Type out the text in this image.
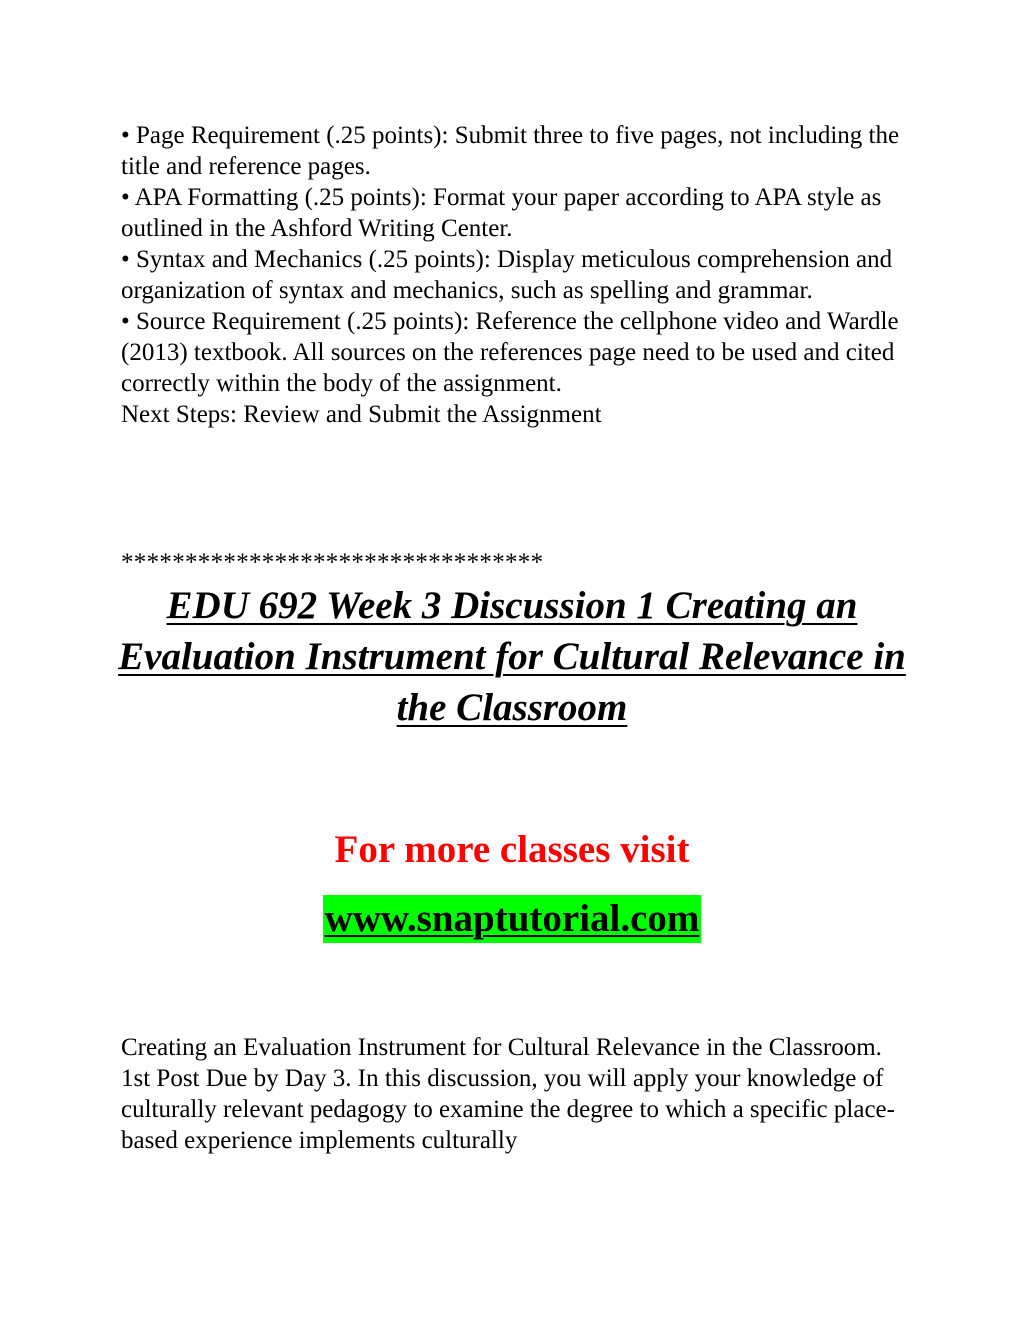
• Page Requirement (.25 points): Submit three to five pages, not including the title and reference pages.

• APA Formatting (.25 points): Format your paper according to APA style as outlined in the Ashford Writing Center.

• Syntax and Mechanics (.25 points): Display meticulous comprehension and organization of syntax and mechanics, such as spelling and grammar.

• Source Requirement (.25 points): Reference the cellphone video and Wardle (2013) textbook. All sources on the references page need to be used and cited correctly within the body of the assignment.

Next Steps: Review and Submit the Assignment

*********************************
EDU 692 Week 3 Discussion 1 Creating an Evaluation Instrument for Cultural Relevance in the Classroom
For more classes visit
www.snaptutorial.com

Creating an Evaluation Instrument for Cultural Relevance in the Classroom. 1st Post Due by Day 3. In this discussion, you will apply your knowledge of culturally relevant pedagogy to examine the degree to which a specific place-based experience implements culturally
